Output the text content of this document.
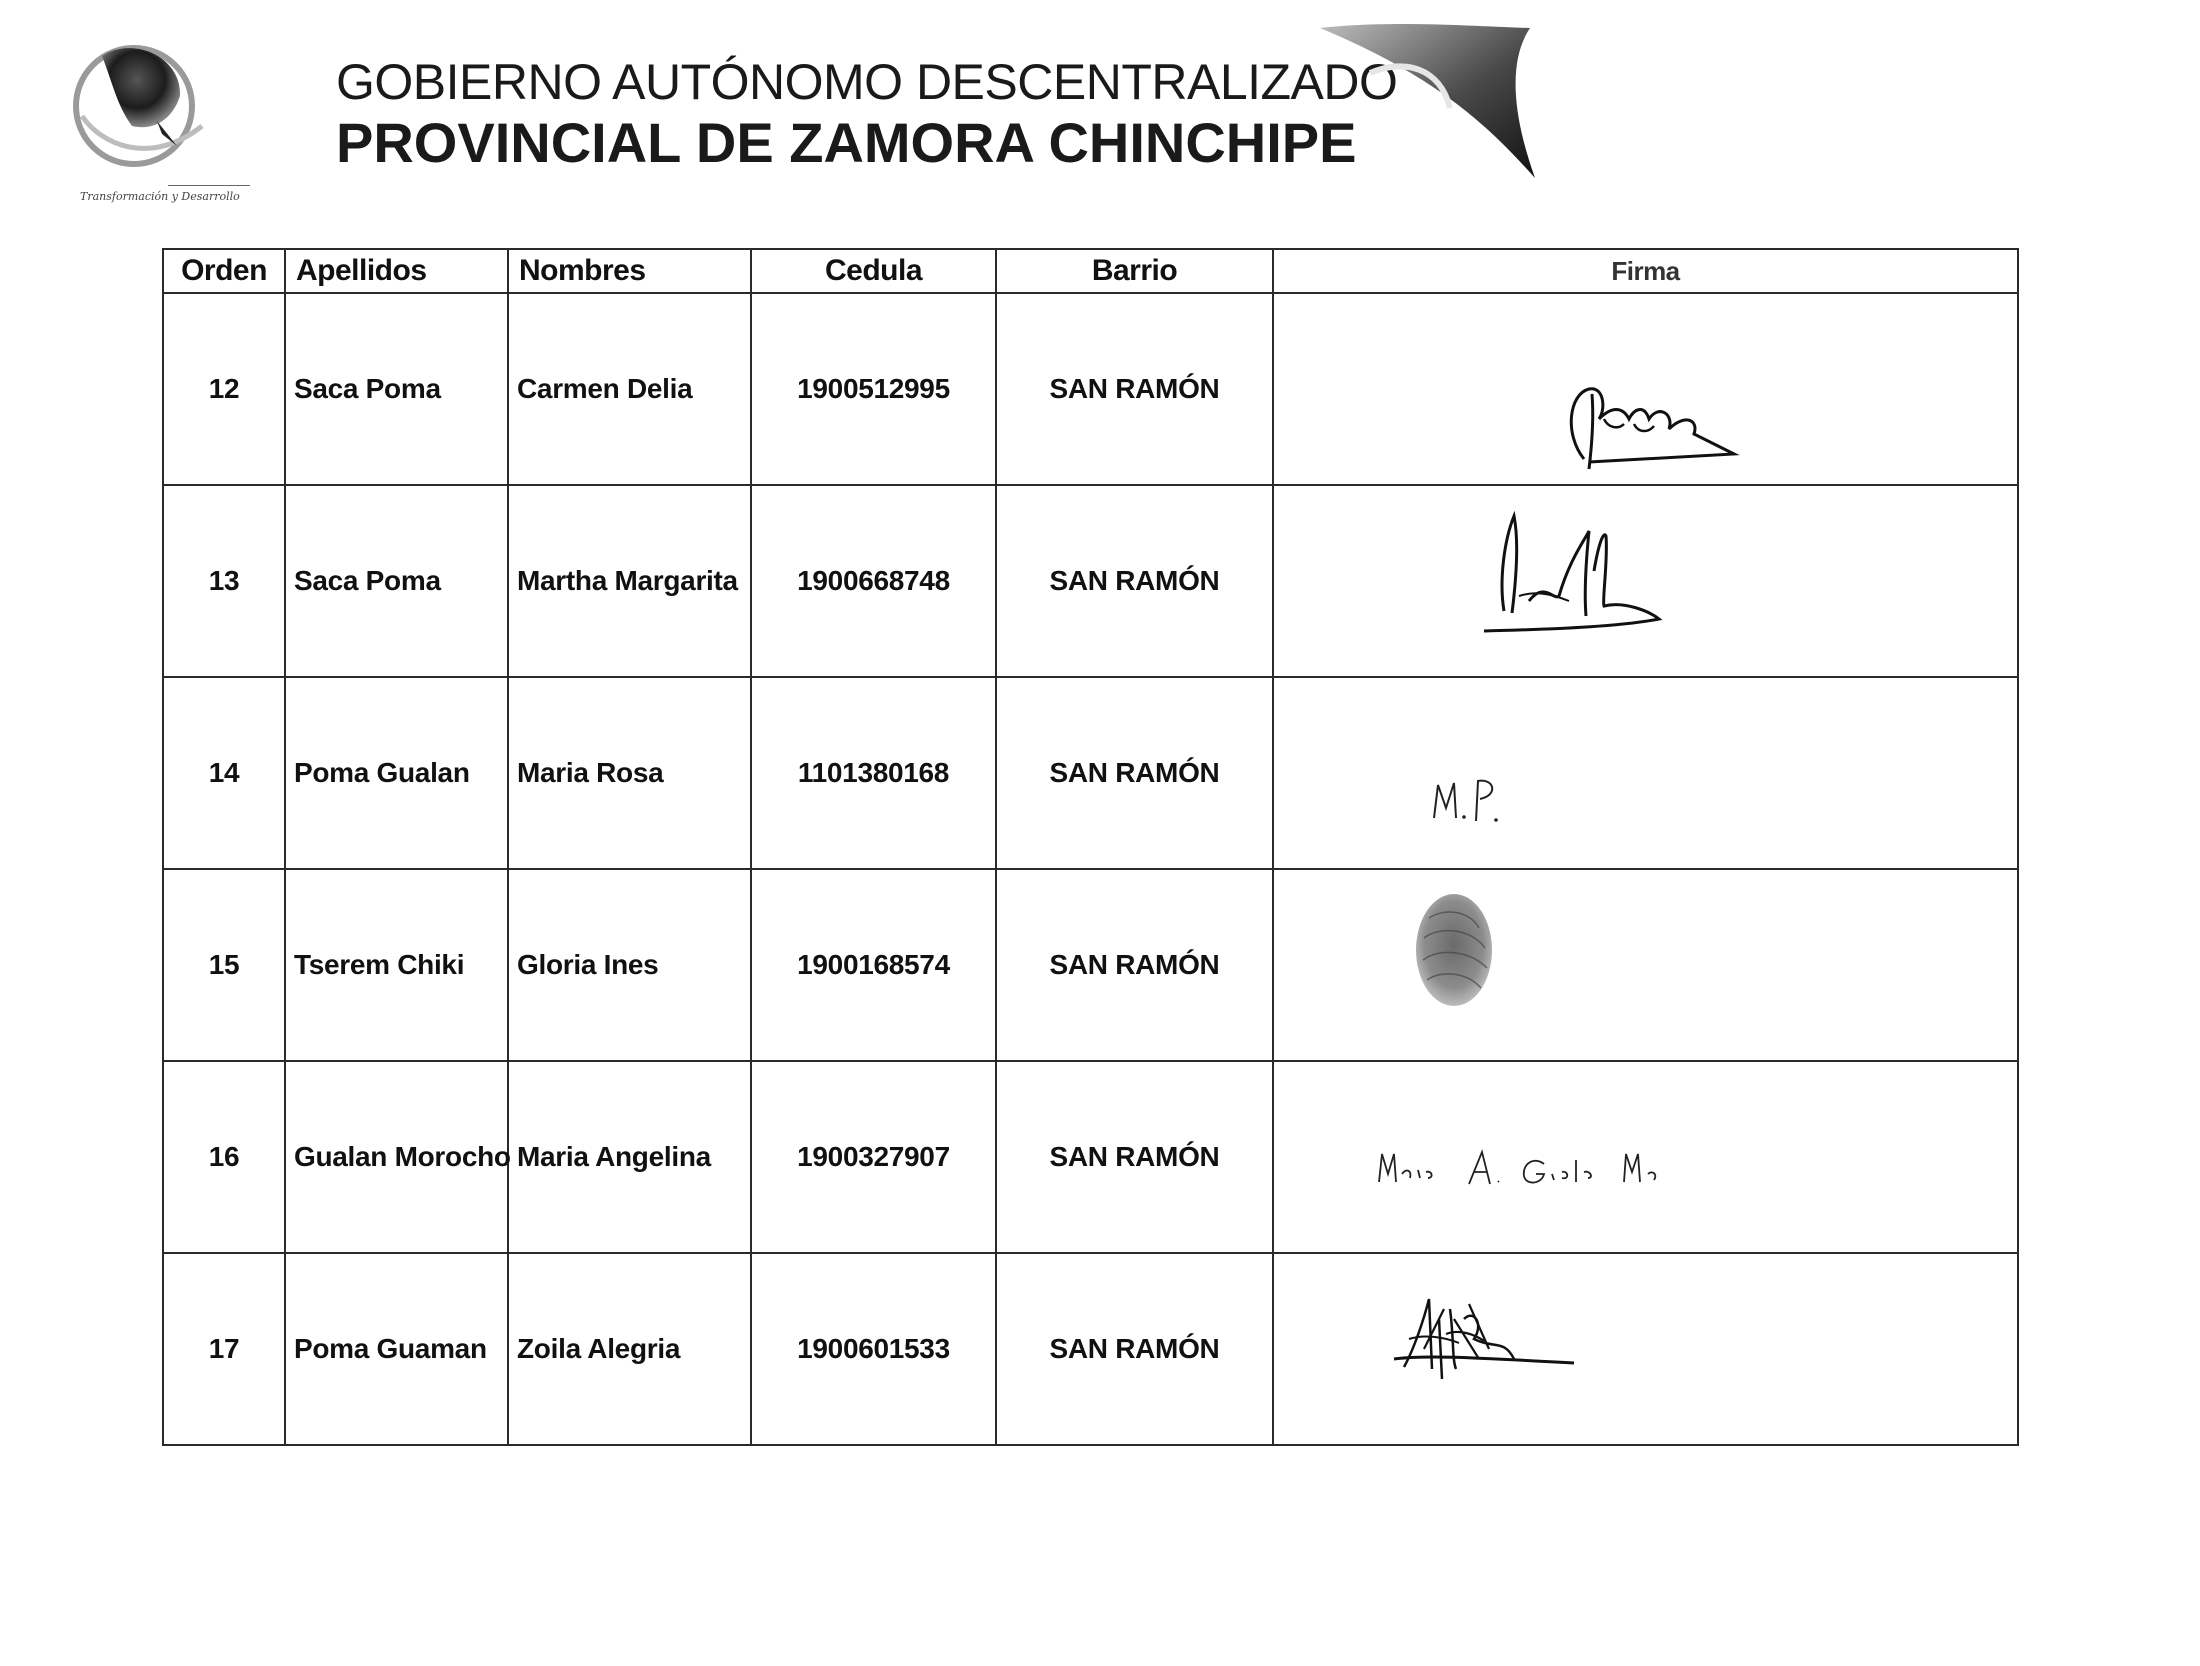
Transformación y Desarrollo
GOBIERNO AUTÓNOMO DESCENTRALIZADO
PROVINCIAL DE ZAMORA CHINCHIPE
Orden	Apellidos	Nombres	Cedula	Barrio	Firma
12	Saca Poma	Carmen Delia	1900512995	SAN RAMÓN	

13	Saca Poma	Martha Margarita	1900668748	SAN RAMÓN	

14	Poma Gualan	Maria Rosa	1101380168	SAN RAMÓN	

15	Tserem Chiki	Gloria Ines	1900168574	SAN RAMÓN	

16	Gualan Morocho	Maria Angelina	1900327907	SAN RAMÓN	

17	Poma Guaman	Zoila Alegria	1900601533	SAN RAMÓN	
